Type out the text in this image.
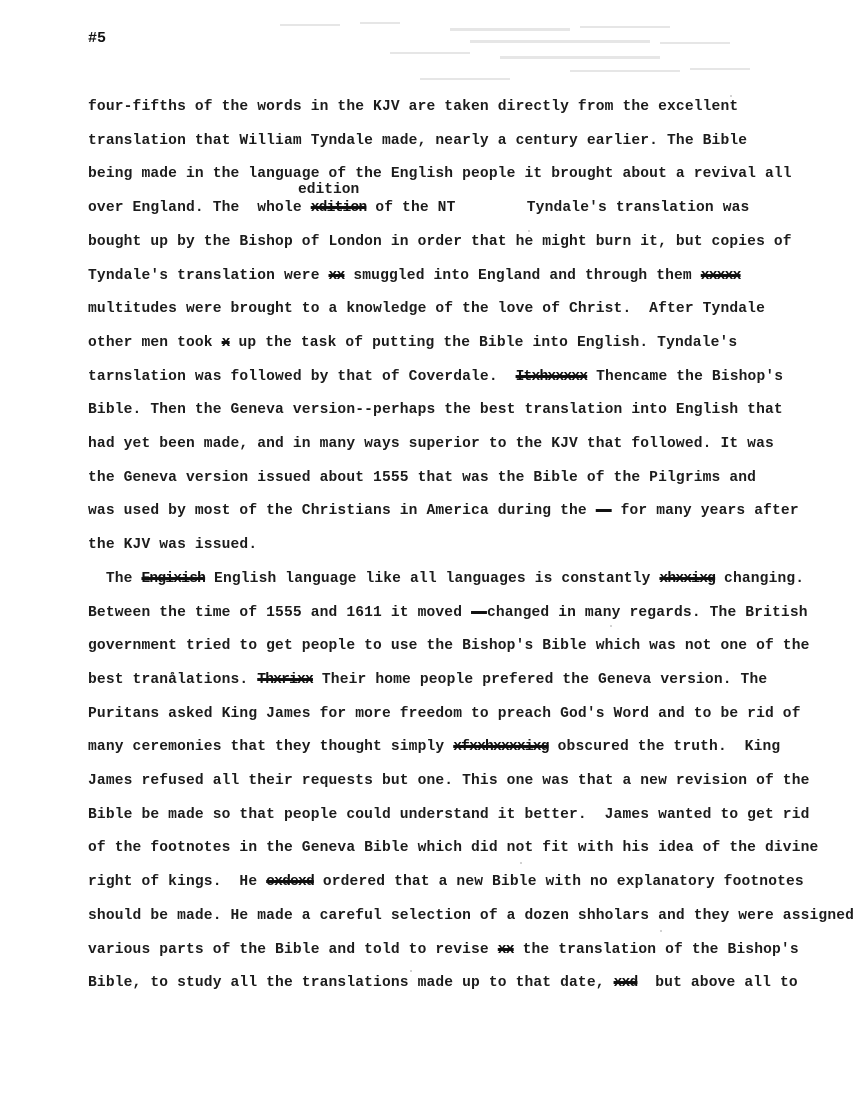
#5
edition
four-fifths of the words in the KJV are taken directly from the excellent
translation that William Tyndale made, nearly a century earlier. The Bible
being made in the language of the English people it brought about a revival all
over England. The  whole xdition of the NT        Tyndale's translation was
bought up by the Bishop of London in order that he might burn it, but copies of
Tyndale's translation were xx smuggled into England and through them xxxxx
multitudes were brought to a knowledge of the love of Christ.  After Tyndale
other men took x up the task of putting the Bible into English. Tyndale's
tarnslation was followed by that of Coverdale.  Itxhxxxxx Thencame the Bishop's
Bible. Then the Geneva version--perhaps the best translation into English that
had yet been made, and in many ways superior to the KJV that followed. It was
the Geneva version issued about 1555 that was the Bible of the Pilgrims and
was used by most of the Christians in America during the -- for many years after
the KJV was issued.
The Engixish English language like all languages is constantly xhxxixg changing.
Between the time of 1555 and 1611 it moved --changed in many regards. The British
government tried to get people to use the Bishop's Bible which was not one of the
best tranålations. Thxrixx Their home people prefered the Geneva version. The
Puritans asked King James for more freedom to preach God's Word and to be rid of
many ceremonies that they thought simply xfxxhxxxxixg obscured the truth.  King
James refused all their requests but one. This one was that a new revision of the
Bible be made so that people could understand it better.  James wanted to get rid
of the footnotes in the Geneva Bible which did not fit with his idea of the divine
right of kings.  He oxdexd ordered that a new Bible with no explanatory footnotes
should be made. He made a careful selection of a dozen shholars and they were assigned
various parts of the Bible and told to revise xx the translation of the Bishop's
Bible, to study all the translations made up to that date, xxd  but above all to
